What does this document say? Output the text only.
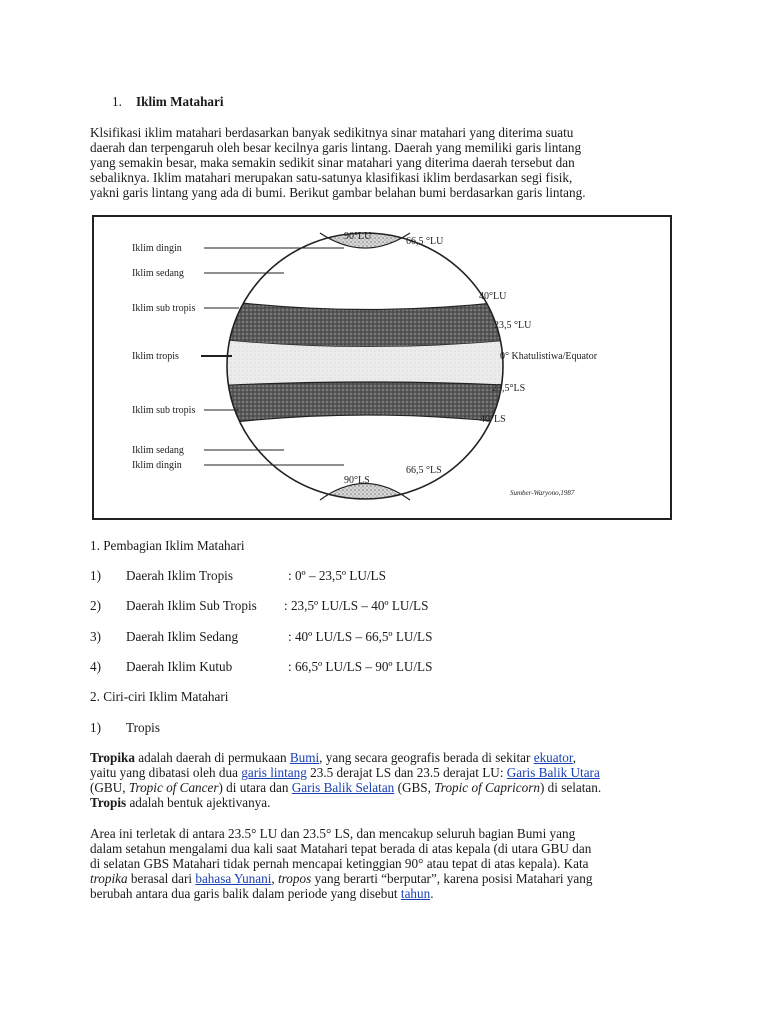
1. Iklim Matahari
Klsifikasi iklim matahari berdasarkan banyak sedikitnya sinar matahari yang diterima suatu
daerah dan terpengaruh oleh besar kecilnya garis lintang. Daerah yang memiliki garis lintang
yang semakin besar, maka semakin sedikit sinar matahari yang diterima daerah tersebut dan
sebaliknya. Iklim matahari merupakan satu-satunya klasifikasi iklim berdasarkan segi fisik,
yakni garis lintang yang ada di bumi. Berikut gambar belahan bumi berdasarkan garis lintang.
Iklim dingin
Iklim sedang
Iklim sub tropis
Iklim tropis
Iklim sub tropis
Iklim sedang
Iklim dingin
90°LU	66,5 °LU
40°LU
23,5 °LU
0° Khatulistiwa/Equator
23,5°LS
40°LS
66,5 °LS
90°LS
Sumber-Waryono,1987
1. Pembagian Iklim Matahari
1) Daerah Iklim Tropis	: 0º – 23,5º LU/LS
2) Daerah Iklim Sub Tropis : 23,5º LU/LS – 40º LU/LS
3) Daerah Iklim Sedang	: 40º LU/LS – 66,5º LU/LS
4) Daerah Iklim Kutub	: 66,5º LU/LS – 90º LU/LS
2. Ciri-ciri Iklim Matahari
1) Tropis
Tropika adalah daerah di permukaan Bumi, yang secara geografis berada di sekitar ekuator,
yaitu yang dibatasi oleh dua garis lintang 23.5 derajat LS dan 23.5 derajat LU: Garis Balik Utara
(GBU, Tropic of Cancer) di utara dan Garis Balik Selatan (GBS, Tropic of Capricorn) di selatan.
Tropis adalah bentuk ajektivanya.
Area ini terletak di antara 23.5° LU dan 23.5° LS, dan mencakup seluruh bagian Bumi yang
dalam setahun mengalami dua kali saat Matahari tepat berada di atas kepala (di utara GBU dan
di selatan GBS Matahari tidak pernah mencapai ketinggian 90° atau tepat di atas kepala). Kata
tropika berasal dari bahasa Yunani, tropos yang berarti “berputar”, karena posisi Matahari yang
berubah antara dua garis balik dalam periode yang disebut tahun.
